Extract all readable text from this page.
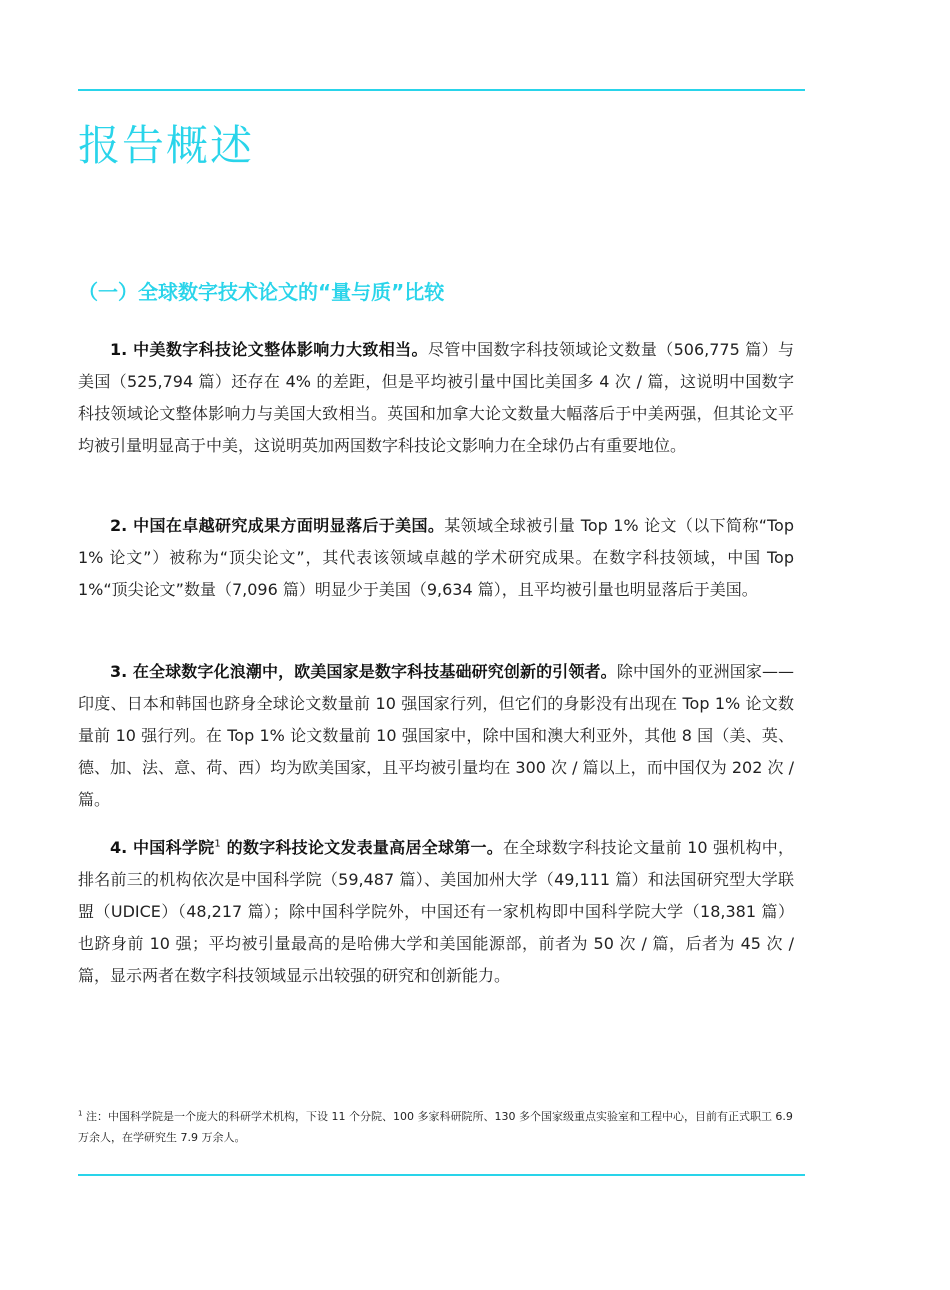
报告概述
（一）全球数字技术论文的“量与质”比较

1. 中美数字科技论文整体影响力大致相当。尽管中国数字科技领域论文数量（506,775 篇）与美国（525,794 篇）还存在 4% 的差距，但是平均被引量中国比美国多 4 次 / 篇，这说明中国数字科技领域论文整体影响力与美国大致相当。英国和加拿大论文数量大幅落后于中美两强，但其论文平均被引量明显高于中美，这说明英加两国数字科技论文影响力在全球仍占有重要地位。

2. 中国在卓越研究成果方面明显落后于美国。某领域全球被引量 Top 1% 论文（以下简称“Top 1% 论文”）被称为“顶尖论文”，其代表该领域卓越的学术研究成果。在数字科技领域，中国 Top 1%“顶尖论文”数量（7,096 篇）明显少于美国（9,634 篇），且平均被引量也明显落后于美国。

3. 在全球数字化浪潮中，欧美国家是数字科技基础研究创新的引领者。除中国外的亚洲国家——印度、日本和韩国也跻身全球论文数量前 10 强国家行列，但它们的身影没有出现在 Top 1% 论文数量前 10 强行列。在 Top 1% 论文数量前 10 强国家中，除中国和澳大利亚外，其他 8 国（美、英、德、加、法、意、荷、西）均为欧美国家，且平均被引量均在 300 次 / 篇以上，而中国仅为 202 次 / 篇。

4. 中国科学院$^1$ 的数字科技论文发表量高居全球第一。在全球数字科技论文量前 10 强机构中，排名前三的机构依次是中国科学院（59,487 篇）、美国加州大学（49,111 篇）和法国研究型大学联盟（UDICE）（48,217 篇）；除中国科学院外，中国还有一家机构即中国科学院大学（18,381 篇）也跻身前 10 强；平均被引量最高的是哈佛大学和美国能源部，前者为 50 次 / 篇，后者为 45 次 / 篇，显示两者在数字科技领域显示出较强的研究和创新能力。

$^1$ 注：中国科学院是一个庞大的科研学术机构，下设 11 个分院、100 多家科研院所、130 多个国家级重点实验室和工程中心，目前有正式职工 6.9 万余人，在学研究生 7.9 万余人。
